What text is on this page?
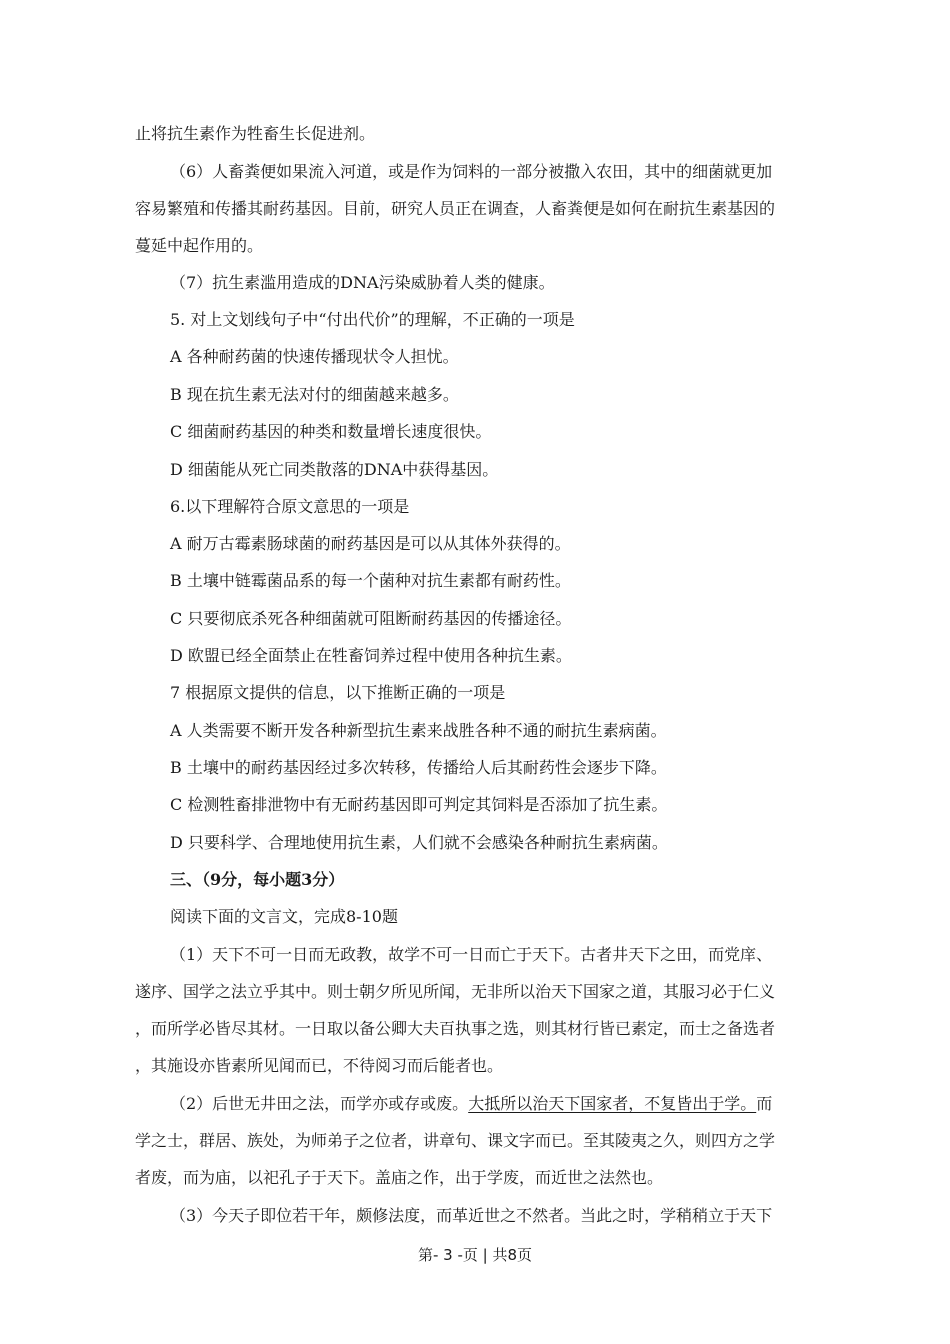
止将抗生素作为牲畜生长促进剂。
（6）人畜粪便如果流入河道，或是作为饲料的一部分被撒入农田，其中的细菌就更加
容易繁殖和传播其耐药基因。目前，研究人员正在调查，人畜粪便是如何在耐抗生素基因的
蔓延中起作用的。
（7）抗生素滥用造成的DNA污染威胁着人类的健康。
5. 对上文划线句子中“付出代价”的理解，不正确的一项是
A 各种耐药菌的快速传播现状令人担忧。
B 现在抗生素无法对付的细菌越来越多。
C 细菌耐药基因的种类和数量增长速度很快。
D 细菌能从死亡同类散落的DNA中获得基因。
6.以下理解符合原文意思的一项是
A 耐万古霉素肠球菌的耐药基因是可以从其体外获得的。
B 土壤中链霉菌品系的每一个菌种对抗生素都有耐药性。
C 只要彻底杀死各种细菌就可阻断耐药基因的传播途径。
D 欧盟已经全面禁止在牲畜饲养过程中使用各种抗生素。
7 根据原文提供的信息，以下推断正确的一项是
A 人类需要不断开发各种新型抗生素来战胜各种不通的耐抗生素病菌。
B 土壤中的耐药基因经过多次转移，传播给人后其耐药性会逐步下降。
C 检测牲畜排泄物中有无耐药基因即可判定其饲料是否添加了抗生素。
D 只要科学、合理地使用抗生素，人们就不会感染各种耐抗生素病菌。
三、（9分，每小题3分）
阅读下面的文言文，完成8-10题
（1）天下不可一日而无政教，故学不可一日而亡于天下。古者井天下之田，而党庠、
遂序、国学之法立乎其中。则士朝夕所见所闻，无非所以治天下国家之道，其服习必于仁义
，而所学必皆尽其材。一日取以备公卿大夫百执事之选，则其材行皆已素定，而士之备选者
，其施设亦皆素所见闻而已，不待阅习而后能者也。
（2）后世无井田之法，而学亦或存或废。大抵所以治天下国家者，不复皆出于学。而
学之士，群居、族处，为师弟子之位者，讲章句、课文字而已。至其陵夷之久，则四方之学
者废，而为庙，以祀孔子于天下。盖庙之作，出于学废，而近世之法然也。
（3）今天子即位若干年，颇修法度，而革近世之不然者。当此之时，学稍稍立于天下
第- 3 -页 | 共8页
